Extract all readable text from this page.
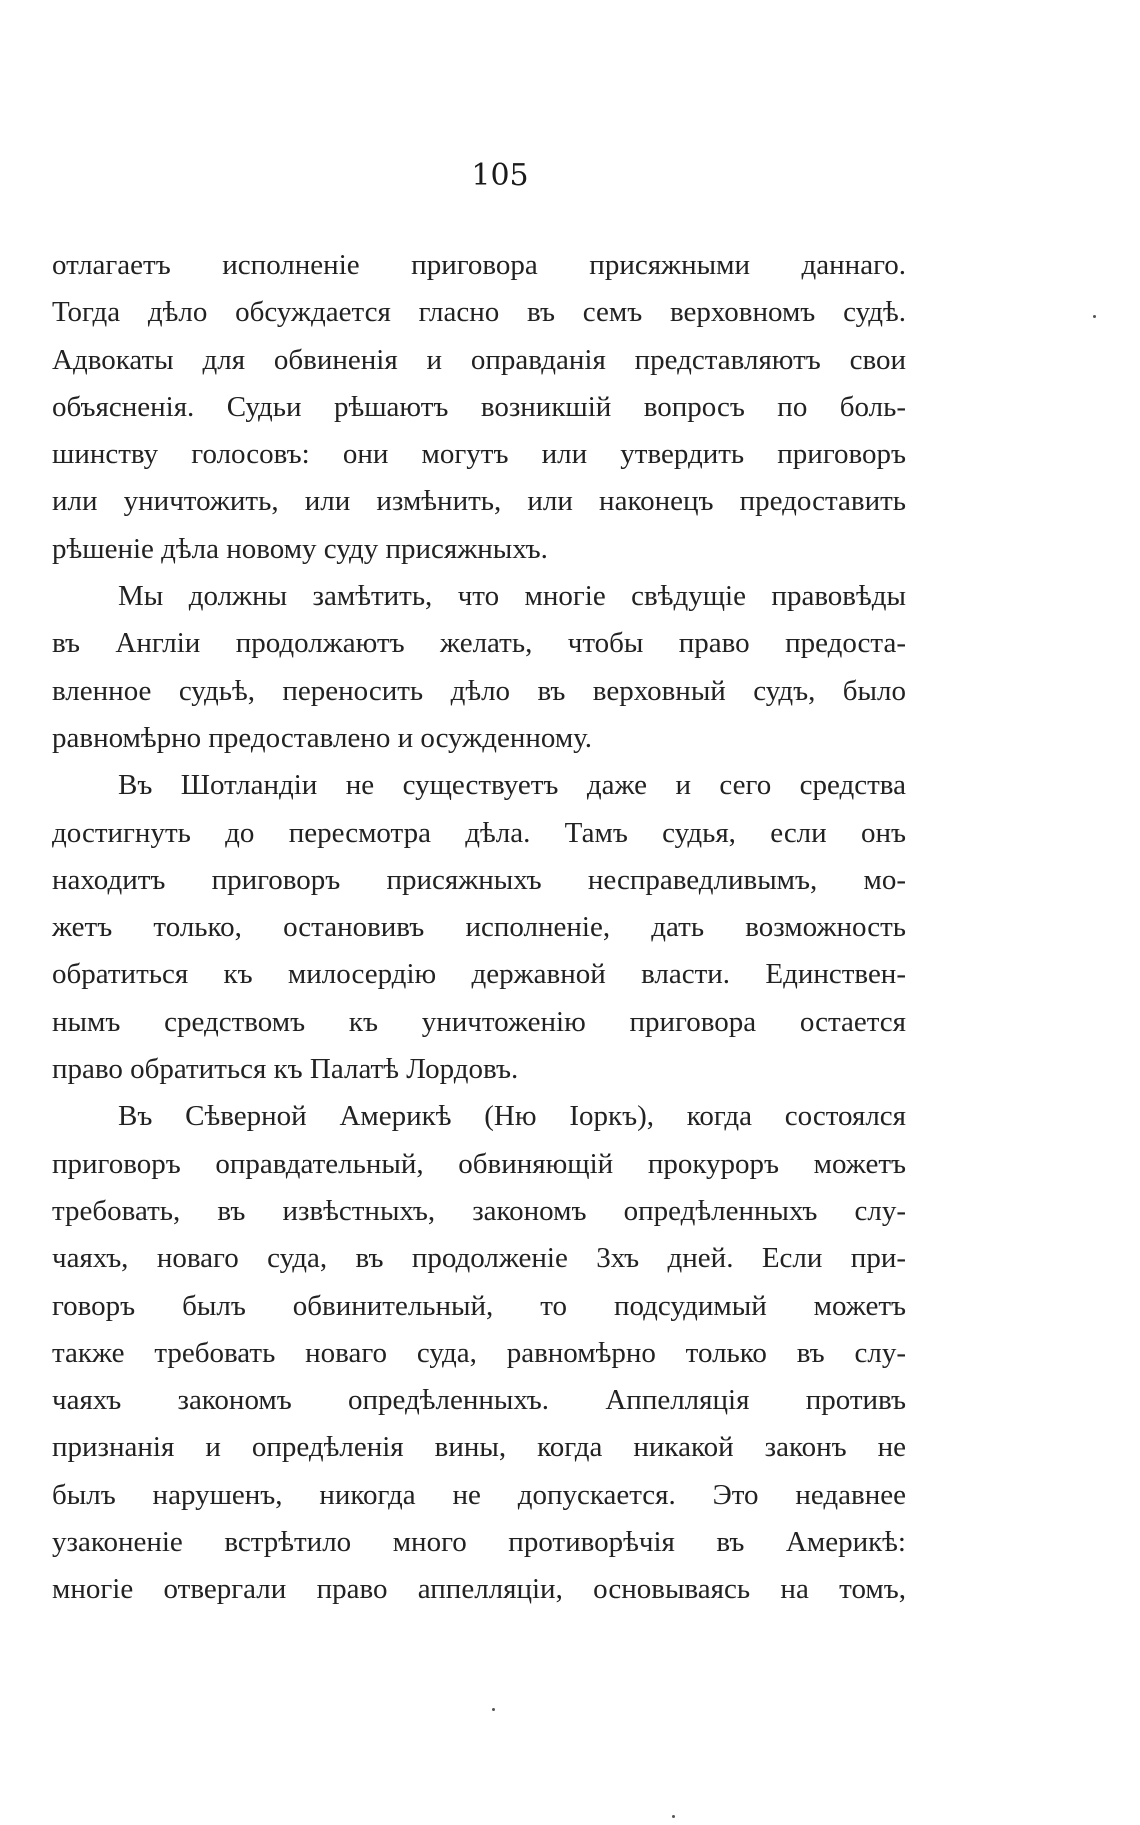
105
отлагаетъ исполненіе приговора присяжными даннаго.
Тогда дѣло обсуждается гласно въ семъ верховномъ судѣ.
Адвокаты для обвиненія и оправданія представляютъ свои
объясненія. Судьи рѣшаютъ возникшій вопросъ по боль-
шинству голосовъ: они могутъ или утвердить приговоръ
или уничтожить, или измѣнить, или наконецъ предоставить
рѣшеніе дѣла новому суду присяжныхъ.
Мы должны замѣтить, что многіе свѣдущіе правовѣды
въ Англіи продолжаютъ желать, чтобы право предоста-
вленное судьѣ, переносить дѣло въ верховный судъ, было
равномѣрно предоставлено и осужденному.
Въ Шотландіи не существуетъ даже и сего средства
достигнуть до пересмотра дѣла. Тамъ судья, если онъ
находитъ приговоръ присяжныхъ несправедливымъ, мо-
жетъ только, остановивъ исполненіе, дать возможность
обратиться къ милосердію державной власти. Единствен-
нымъ средствомъ къ уничтоженію приговора остается
право обратиться къ Палатѣ Лордовъ.
Въ Сѣверной Америкѣ (Ню Іоркъ), когда состоялся
приговоръ оправдательный, обвиняющій прокуроръ можетъ
требовать, въ извѣстныхъ, закономъ опредѣленныхъ слу-
чаяхъ, новаго суда, въ продолженіе 3хъ дней. Если при-
говоръ былъ обвинительный, то подсудимый можетъ
также требовать новаго суда, равномѣрно только въ слу-
чаяхъ закономъ опредѣленныхъ. Аппелляція противъ
признанія и опредѣленія вины, когда никакой законъ не
былъ нарушенъ, никогда не допускается. Это недавнее
узаконеніе встрѣтило много противорѣчія въ Америкѣ:
многіе отвергали право аппелляціи, основываясь на томъ,
